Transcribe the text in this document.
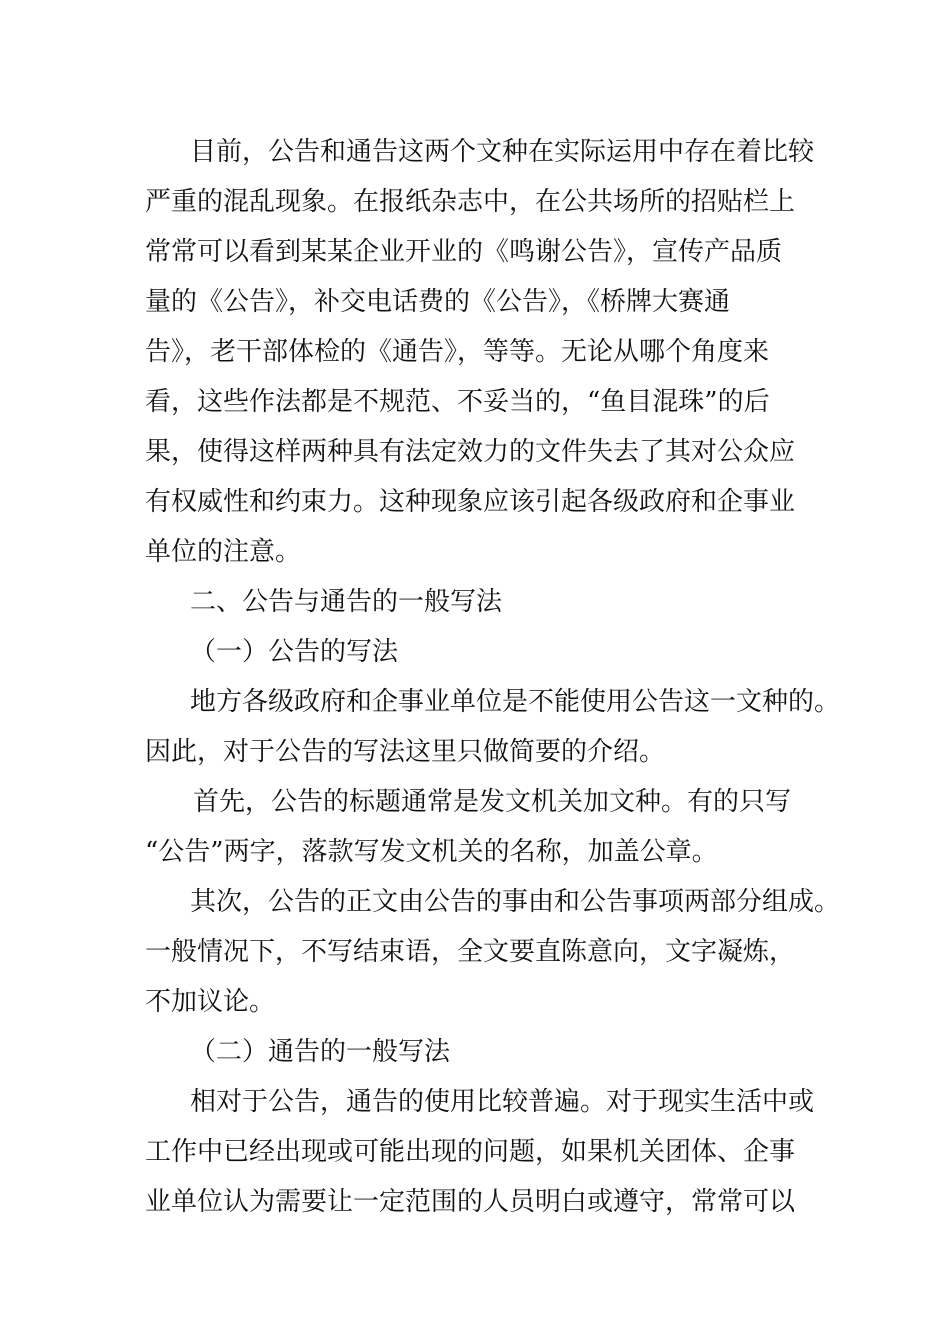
目前，公告和通告这两个文种在实际运用中存在着比较
严重的混乱现象。在报纸杂志中，在公共场所的招贴栏上
常常可以看到某某企业开业的《鸣谢公告》，宣传产品质
量的《公告》，补交电话费的《公告》，《桥牌大赛通
告》，老干部体检的《通告》，等等。无论从哪个角度来
看，这些作法都是不规范、不妥当的，“鱼目混珠”的后
果，使得这样两种具有法定效力的文件失去了其对公众应
有权威性和约束力。这种现象应该引起各级政府和企事业
单位的注意。
二、公告与通告的一般写法
（一）公告的写法
地方各级政府和企事业单位是不能使用公告这一文种的。
因此，对于公告的写法这里只做简要的介绍。
首先，公告的标题通常是发文机关加文种。有的只写
“公告”两字，落款写发文机关的名称，加盖公章。
其次，公告的正文由公告的事由和公告事项两部分组成。
一般情况下，不写结束语，全文要直陈意向，文字凝炼，
不加议论。
（二）通告的一般写法
相对于公告，通告的使用比较普遍。对于现实生活中或
工作中已经出现或可能出现的问题，如果机关团体、企事
业单位认为需要让一定范围的人员明白或遵守，常常可以
